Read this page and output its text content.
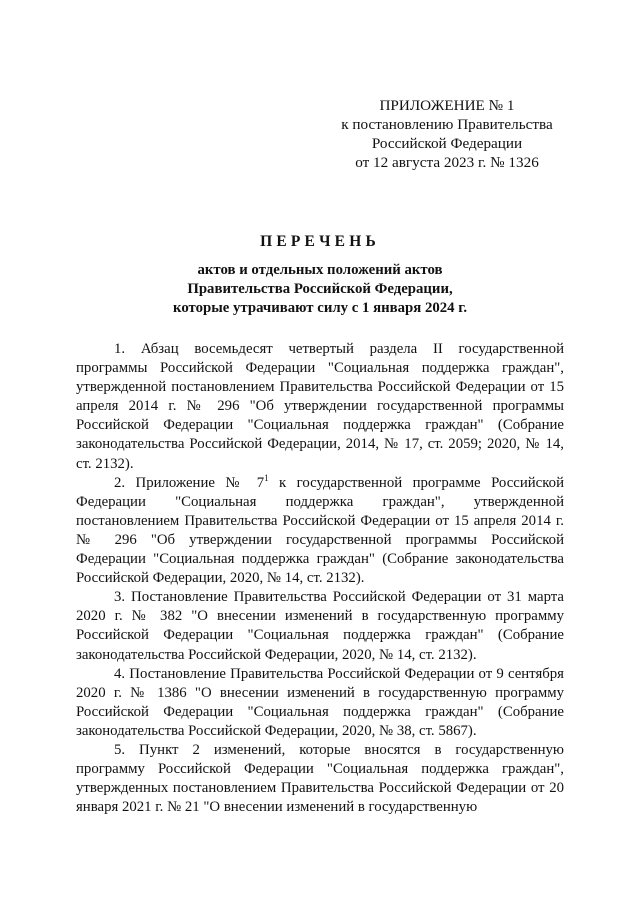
ПРИЛОЖЕНИЕ № 1
к постановлению Правительства
Российской Федерации
от 12 августа 2023 г. № 1326
ПЕРЕЧЕНЬ
актов и отдельных положений актов
Правительства Российской Федерации,
которые утрачивают силу с 1 января 2024 г.

1. Абзац восемьдесят четвертый раздела II государственной программы Российской Федерации "Социальная поддержка граждан", утвержденной постановлением Правительства Российской Федерации от 15 апреля 2014 г. № 296 "Об утверждении государственной программы Российской Федерации "Социальная поддержка граждан" (Собрание законодательства Российской Федерации, 2014, № 17, ст. 2059; 2020, № 14, ст. 2132).

2. Приложение № $7^1$ к государственной программе Российской Федерации "Социальная поддержка граждан", утвержденной постановлением Правительства Российской Федерации от 15 апреля 2014 г. № 296 "Об утверждении государственной программы Российской Федерации "Социальная поддержка граждан" (Собрание законодательства Российской Федерации, 2020, № 14, ст. 2132).

3. Постановление Правительства Российской Федерации от 31 марта 2020 г. № 382 "О внесении изменений в государственную программу Российской Федерации "Социальная поддержка граждан" (Собрание законодательства Российской Федерации, 2020, № 14, ст. 2132).

4. Постановление Правительства Российской Федерации от 9 сентября 2020 г. № 1386 "О внесении изменений в государственную программу Российской Федерации "Социальная поддержка граждан" (Собрание законодательства Российской Федерации, 2020, № 38, ст. 5867).

5. Пункт 2 изменений, которые вносятся в государственную программу Российской Федерации "Социальная поддержка граждан", утвержденных постановлением Правительства Российской Федерации от 20 января 2021 г. № 21 "О внесении изменений в государственную
